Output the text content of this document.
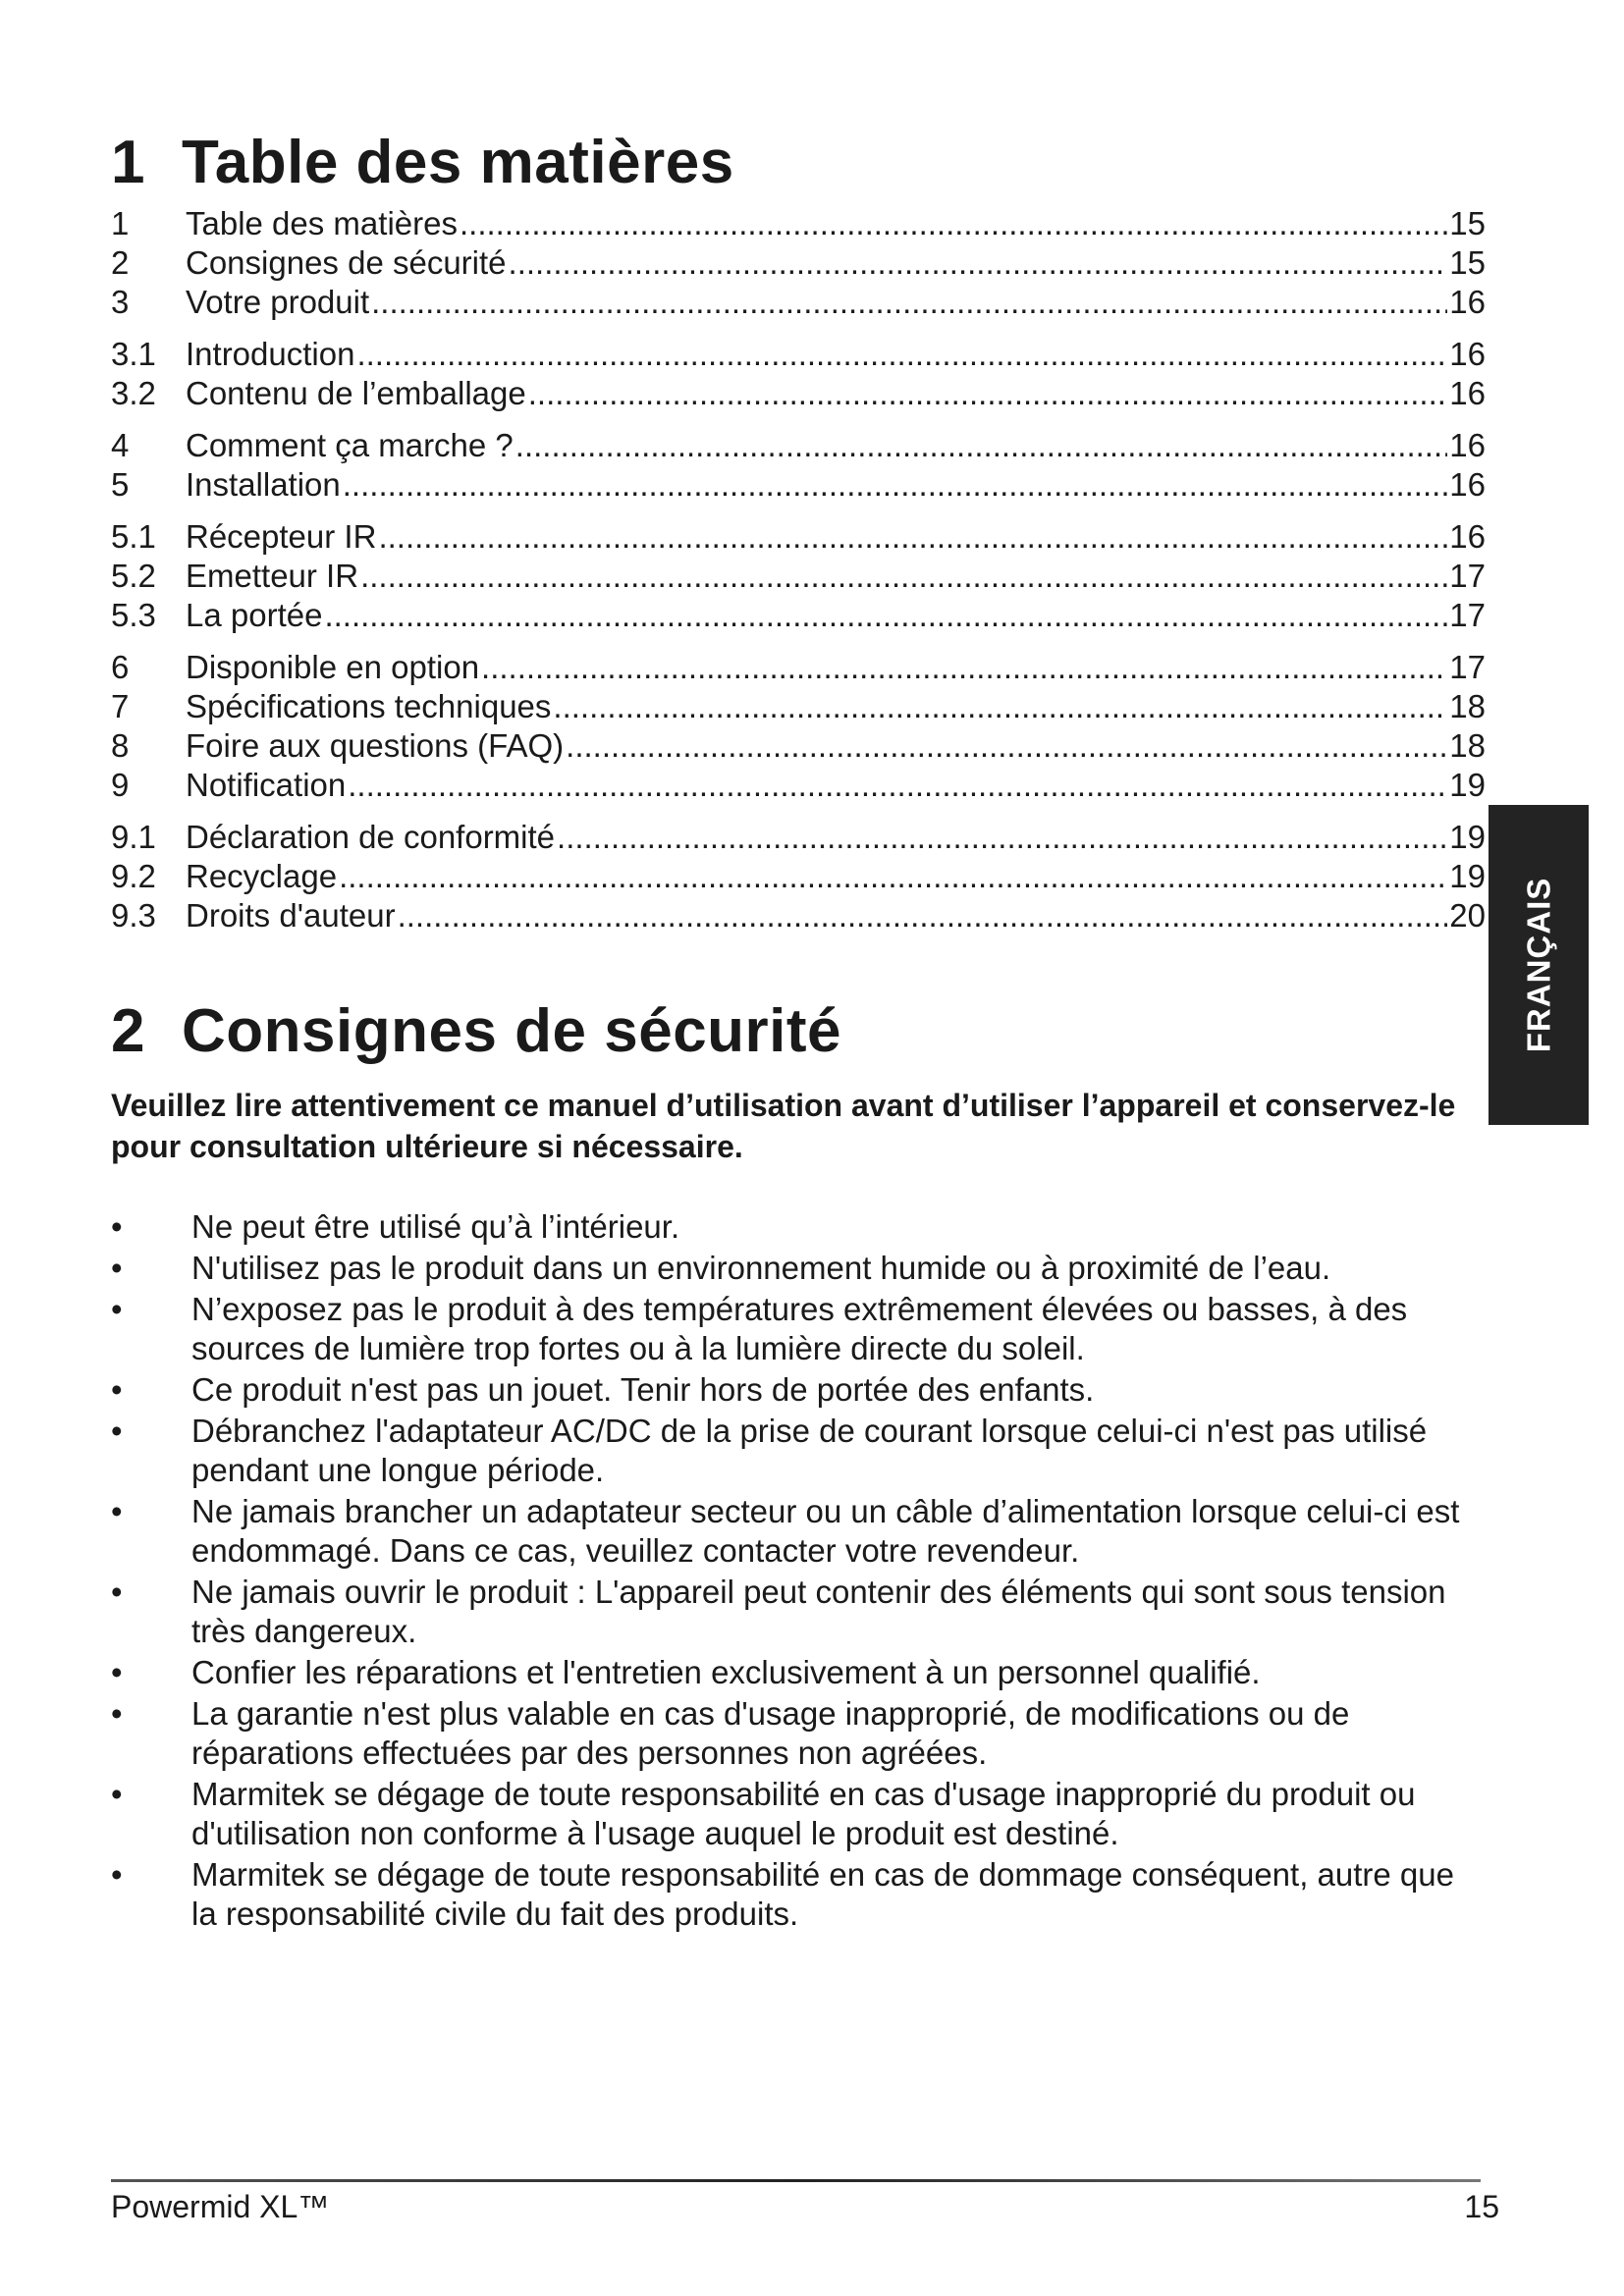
1 Table des matières
1	Table des matières .....	15
2	Consignes de sécurité .....	15
3	Votre produit .....	16
3.1 Introduction .....	16
3.2 Contenu de l’emballage .....	16
4	Comment ça marche ? .....	16
5	Installation .....	16
5.1 Récepteur IR .....	16
5.2 Emetteur IR .....	17
5.3 La portée .....	17
6	Disponible en option .....	17
7	Spécifications techniques .....	18
8	Foire aux questions (FAQ) .....	18
9	Notification .....	19
9.1 Déclaration de conformité .....	19
9.2 Recyclage .....	19
9.3 Droits d'auteur .....	20
2 Consignes de sécurité

Veuillez lire attentivement ce manuel d’utilisation avant d’utiliser l’appareil et conservez-le pour consultation ultérieure si nécessaire.

•	Ne peut être utilisé qu’à l’intérieur.
•	N'utilisez pas le produit dans un environnement humide ou à proximité de l’eau.
•	N’exposez pas le produit à des températures extrêmement élevées ou basses, à des sources de lumière trop fortes ou à la lumière directe du soleil.
•	Ce produit n'est pas un jouet. Tenir hors de portée des enfants.
•	Débranchez l'adaptateur AC/DC de la prise de courant lorsque celui-ci n'est pas utilisé pendant une longue période.
•	Ne jamais brancher un adaptateur secteur ou un câble d’alimentation lorsque celui-ci est endommagé. Dans ce cas, veuillez contacter votre revendeur.
•	Ne jamais ouvrir le produit : L'appareil peut contenir des éléments qui sont sous tension très dangereux.
•	Confier les réparations et l'entretien exclusivement à un personnel qualifié.
•	La garantie n'est plus valable en cas d'usage inapproprié, de modifications ou de réparations effectuées par des personnes non agréées.
•	Marmitek se dégage de toute responsabilité en cas d'usage inapproprié du produit ou d'utilisation non conforme à l'usage auquel le produit est destiné.
•	Marmitek se dégage de toute responsabilité en cas de dommage conséquent, autre que la responsabilité civile du fait des produits.
FRANÇAIS
Powermid XL™	15
